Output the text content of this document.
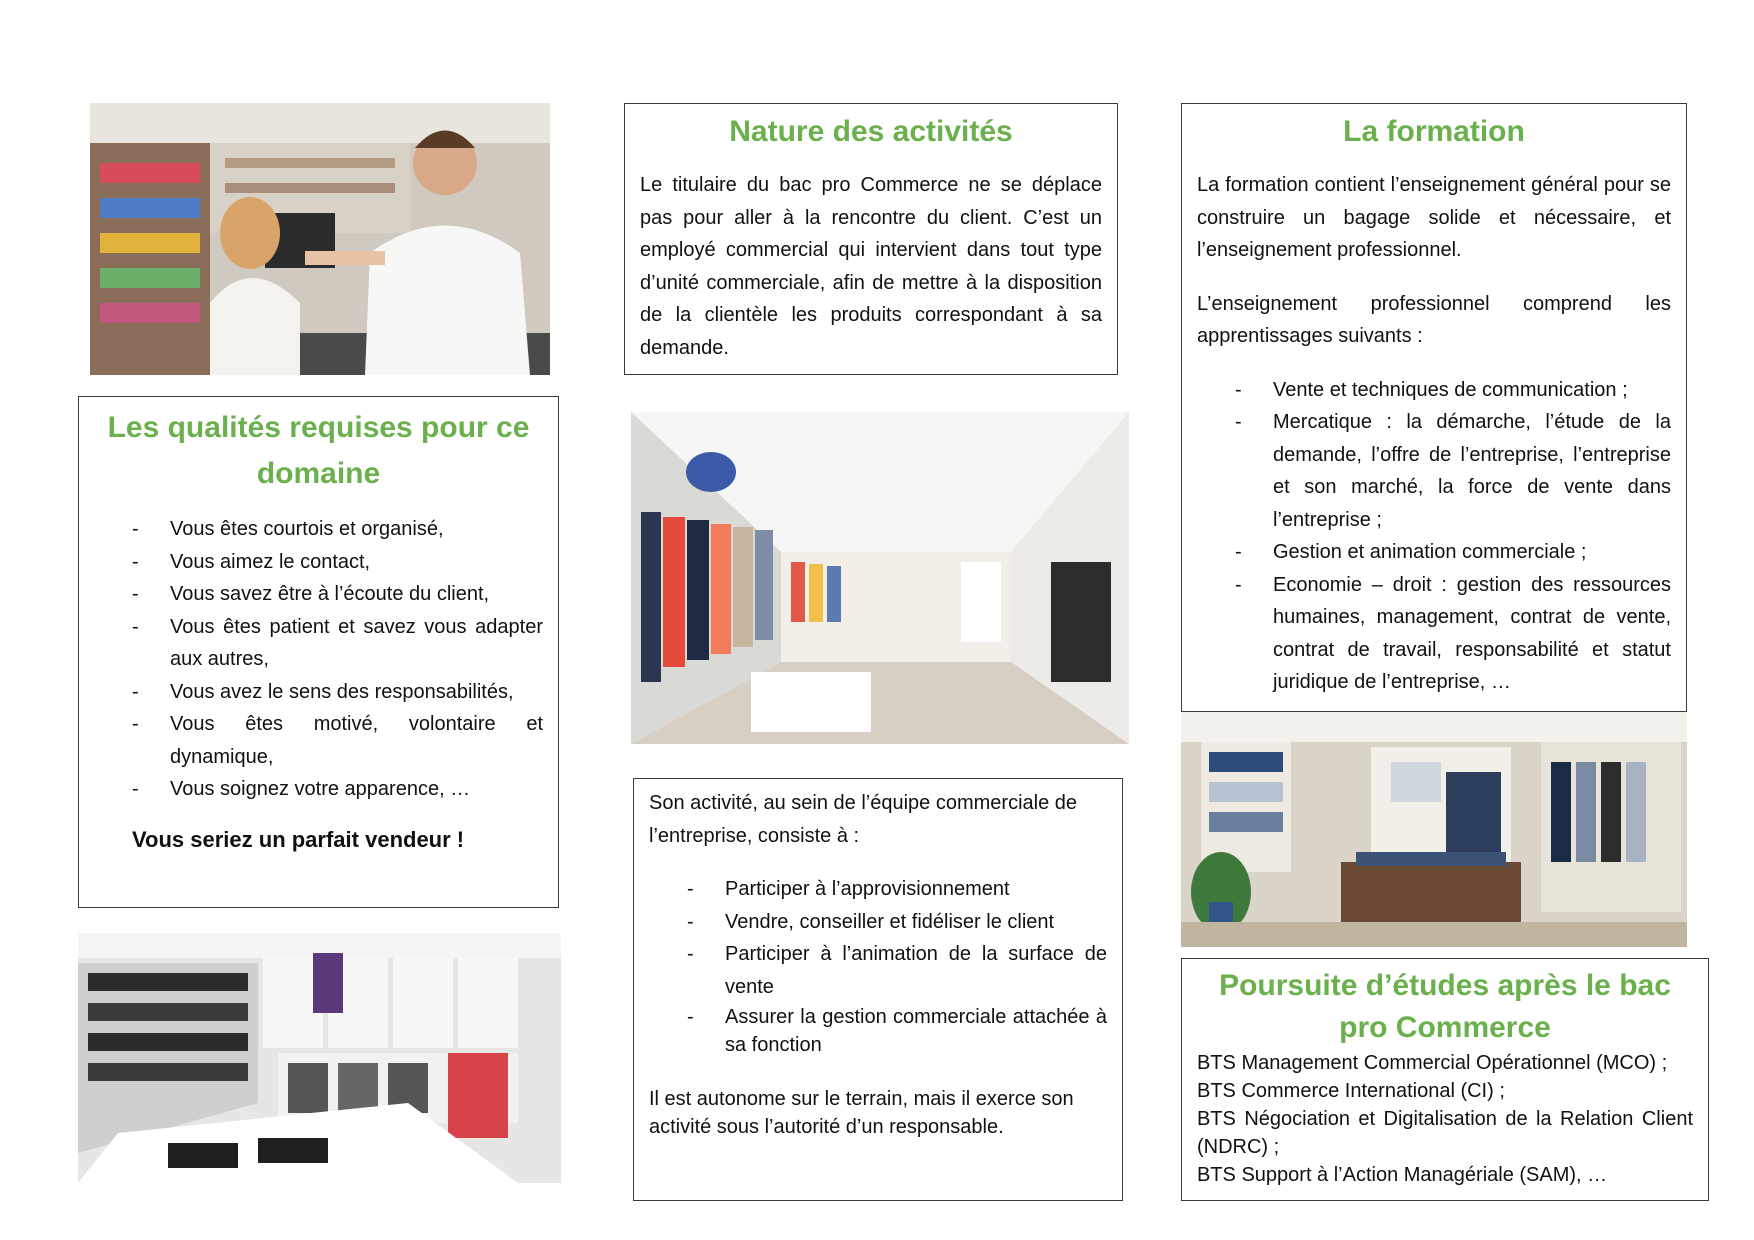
Nature des activités

Le titulaire du bac pro Commerce ne se déplace pas pour aller à la rencontre du client. C’est un employé commercial qui intervient dans tout type d’unité commerciale, afin de mettre à la disposition de la clientèle les produits correspondant à sa demande.

La formation

La formation contient l’enseignement général pour se construire un bagage solide et nécessaire, et l’enseignement professionnel.

L’enseignement professionnel comprend les apprentissages suivants :

- Vente et techniques de communication ;
- Mercatique : la démarche, l’étude de la demande, l’offre de l’entreprise, l’entreprise et son marché, la force de vente dans l’entreprise ;
- Gestion et animation commerciale ;
- Economie – droit : gestion des ressources humaines, management, contrat de vente, contrat de travail, responsabilité et statut juridique de l’entreprise, …
Les qualités requises pour ce domaine
- Vous êtes courtois et organisé,
- Vous aimez le contact,
- Vous savez être à l’écoute du client,
- Vous êtes patient et savez vous adapter aux autres,
- Vous avez le sens des responsabilités,
- Vous êtes motivé, volontaire et dynamique,
- Vous soignez votre apparence, …

Vous seriez un parfait vendeur !

Son activité, au sein de l’équipe commerciale de l’entreprise, consiste à :

- Participer à l’approvisionnement
- Vendre, conseiller et fidéliser le client
- Participer à l’animation de la surface de vente
- Assurer la gestion commerciale attachée à sa fonction

Il est autonome sur le terrain, mais il exerce son activité sous l’autorité d’un responsable.

Poursuite d’études après le bac pro Commerce

BTS Management Commercial Opérationnel (MCO) ;

BTS Commerce International (CI) ;

BTS Négociation et Digitalisation de la Relation Client (NDRC) ;

BTS Support à l’Action Managériale (SAM), …
